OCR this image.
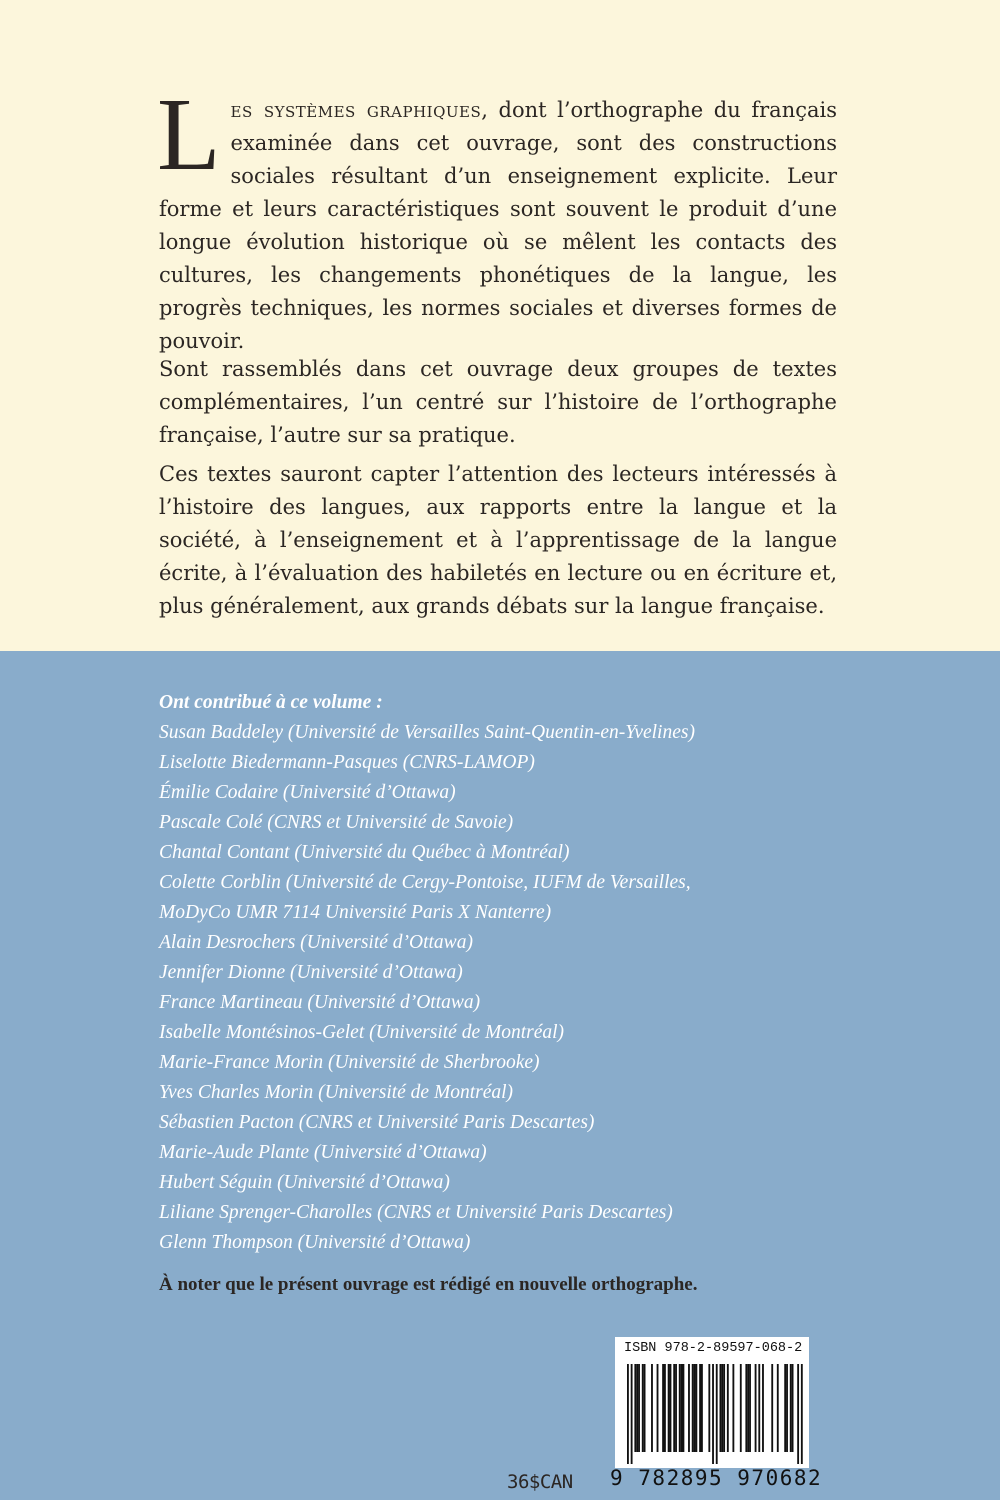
Les systèmes graphiques, dont l’orthographe du français examinée dans cet ouvrage, sont des constructions sociales résultant d’un enseignement explicite. Leur forme et leurs caractéristiques sont souvent le produit d’une longue évolution historique où se mêlent les contacts des cultures, les changements phonétiques de la langue, les progrès techniques, les normes sociales et diverses formes de pouvoir.
Sont rassemblés dans cet ouvrage deux groupes de textes complémentaires, l’un centré sur l’histoire de l’orthographe française, l’autre sur sa pratique.
Ces textes sauront capter l’attention des lecteurs intéressés à l’histoire des langues, aux rapports entre la langue et la société, à l’enseignement et à l’apprentissage de la langue écrite, à l’évaluation des habiletés en lecture ou en écriture et, plus généralement, aux grands débats sur la langue française.
Ont contribué à ce volume :
Susan Baddeley (Université de Versailles Saint-Quentin-en-Yvelines)
Liselotte Biedermann-Pasques (CNRS-LAMOP)
Émilie Codaire (Université d’Ottawa)
Pascale Colé (CNRS et Université de Savoie)
Chantal Contant (Université du Québec à Montréal)
Colette Corblin (Université de Cergy-Pontoise, IUFM de Versailles,
MoDyCo UMR 7114 Université Paris X Nanterre)
Alain Desrochers (Université d’Ottawa)
Jennifer Dionne (Université d’Ottawa)
France Martineau (Université d’Ottawa)
Isabelle Montésinos-Gelet (Université de Montréal)
Marie-France Morin (Université de Sherbrooke)
Yves Charles Morin (Université de Montréal)
Sébastien Pacton (CNRS et Université Paris Descartes)
Marie-Aude Plante (Université d’Ottawa)
Hubert Séguin (Université d’Ottawa)
Liliane Sprenger-Charolles (CNRS et Université Paris Descartes)
Glenn Thompson (Université d’Ottawa)
À noter que le présent ouvrage est rédigé en nouvelle orthographe.
36$CAN
ISBN 978-2-89597-068-2
9 782895 970682
